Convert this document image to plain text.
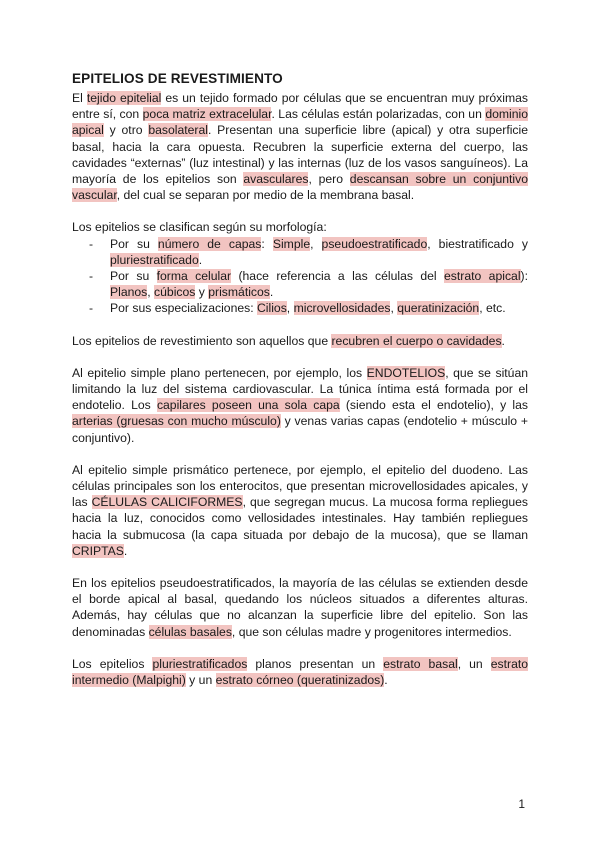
EPITELIOS DE REVESTIMIENTO

El tejido epitelial es un tejido formado por células que se encuentran muy próximas entre sí, con poca matriz extracelular. Las células están polarizadas, con un dominio apical y otro basolateral. Presentan una superficie libre (apical) y otra superficie basal, hacia la cara opuesta. Recubren la superficie externa del cuerpo, las cavidades “externas” (luz intestinal) y las internas (luz de los vasos sanguíneos). La mayoría de los epitelios son avasculares, pero descansan sobre un conjuntivo vascular, del cual se separan por medio de la membrana basal.

Los epitelios se clasifican según su morfología:

- Por su número de capas: Simple, pseudoestratificado, biestratificado y pluriestratificado.
- Por su forma celular (hace referencia a las células del estrato apical): Planos, cúbicos y prismáticos.
- Por sus especializaciones: Cilios, microvellosidades, queratinización, etc.

Los epitelios de revestimiento son aquellos que recubren el cuerpo o cavidades.

Al epitelio simple plano pertenecen, por ejemplo, los ENDOTELIOS, que se sitúan limitando la luz del sistema cardiovascular. La túnica íntima está formada por el endotelio. Los capilares poseen una sola capa (siendo esta el endotelio), y las arterias (gruesas con mucho músculo) y venas varias capas (endotelio + músculo + conjuntivo).

Al epitelio simple prismático pertenece, por ejemplo, el epitelio del duodeno. Las células principales son los enterocitos, que presentan microvellosidades apicales, y las CÉLULAS CALICIFORMES, que segregan mucus. La mucosa forma repliegues hacia la luz, conocidos como vellosidades intestinales. Hay también repliegues hacia la submucosa (la capa situada por debajo de la mucosa), que se llaman CRIPTAS.

En los epitelios pseudoestratificados, la mayoría de las células se extienden desde el borde apical al basal, quedando los núcleos situados a diferentes alturas. Además, hay células que no alcanzan la superficie libre del epitelio. Son las denominadas células basales, que son células madre y progenitores intermedios.

Los epitelios pluriestratificados planos presentan un estrato basal, un estrato intermedio (Malpighi) y un estrato córneo (queratinizados).

1
